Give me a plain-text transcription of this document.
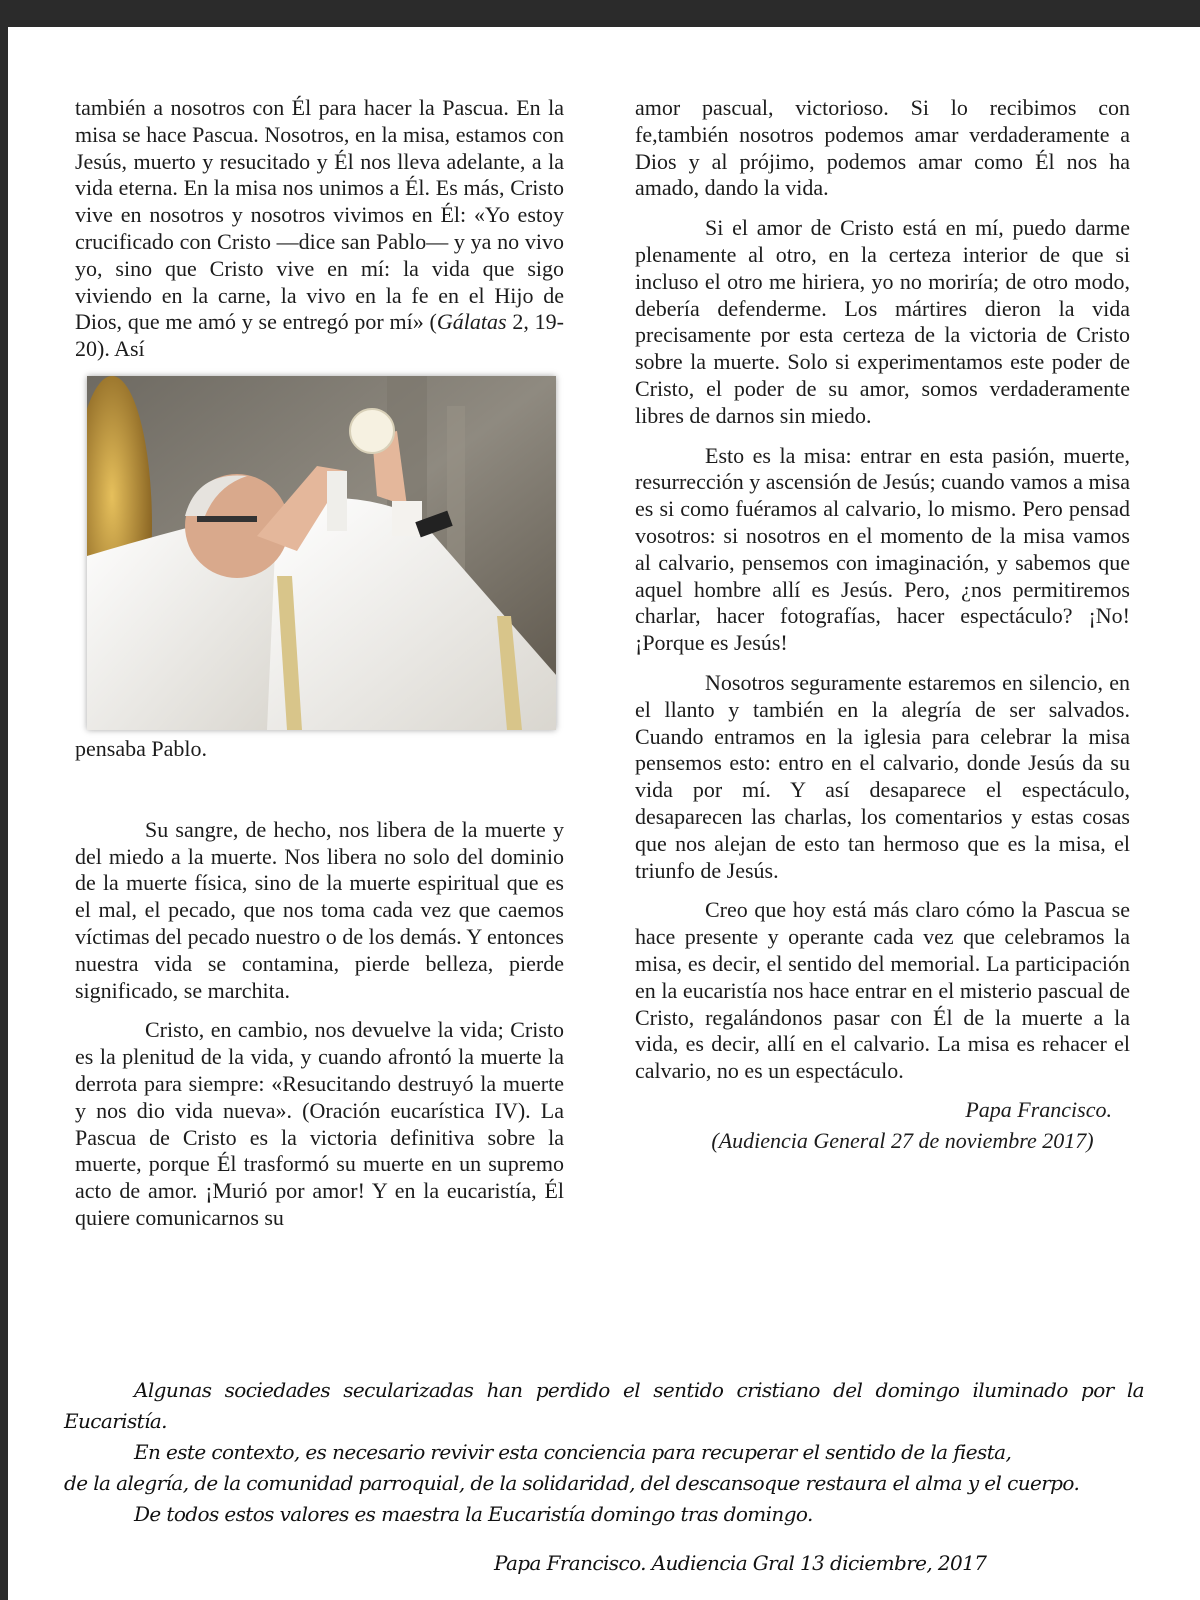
también a nosotros con Él para hacer la Pascua. En la misa se hace Pascua. Nosotros, en la misa, estamos con Jesús, muerto y resucitado y Él nos lleva adelante, a la vida eterna. En la misa nos unimos a Él. Es más, Cristo vive en nosotros y nosotros vivimos en Él: «Yo estoy crucificado con Cristo —dice san Pablo— y ya no vivo yo, sino que Cristo vive en mí: la vida que sigo viviendo en la carne, la vivo en la fe en el Hijo de Dios, que me amó y se entregó por mí» (Gálatas 2, 19-20). Así

pensaba Pablo.

Su sangre, de hecho, nos libera de la muerte y del miedo a la muerte. Nos libera no solo del dominio de la muerte física, sino de la muerte espiritual que es el mal, el pecado, que nos toma cada vez que caemos víctimas del pecado nuestro o de los demás. Y entonces nuestra vida se contamina, pierde belleza, pierde significado, se marchita.

Cristo, en cambio, nos devuelve la vida; Cristo es la plenitud de la vida, y cuando afrontó la muerte la derrota para siempre: «Resucitando destruyó la muerte y nos dio vida nueva». (Oración eucarística IV). La Pascua de Cristo es la victoria definitiva sobre la muerte, porque Él trasformó su muerte en un supremo acto de amor. ¡Murió por amor! Y en la eucaristía, Él quiere comunicarnos su

amor pascual, victorioso. Si lo recibimos con fe,también nosotros podemos amar verdaderamente a Dios y al prójimo, podemos amar como Él nos ha amado, dando la vida.

Si el amor de Cristo está en mí, puedo darme plenamente al otro, en la certeza interior de que si incluso el otro me hiriera, yo no moriría; de otro modo, debería defenderme. Los mártires dieron la vida precisamente por esta certeza de la victoria de Cristo sobre la muerte. Solo si experimentamos este poder de Cristo, el poder de su amor, somos verdaderamente libres de darnos sin miedo.

Esto es la misa: entrar en esta pasión, muerte, resurrección y ascensión de Jesús; cuando vamos a misa es si como fuéramos al calvario, lo mismo. Pero pensad vosotros: si nosotros en el momento de la misa vamos al calvario, pensemos con imaginación, y sabemos que aquel hombre allí es Jesús. Pero, ¿nos permitiremos charlar, hacer fotografías, hacer espectáculo? ¡No! ¡Porque es Jesús!

Nosotros seguramente estaremos en silencio, en el llanto y también en la alegría de ser salvados. Cuando entramos en la iglesia para celebrar la misa pensemos esto: entro en el calvario, donde Jesús da su vida por mí. Y así desaparece el espectáculo, desaparecen las charlas, los comentarios y estas cosas que nos alejan de esto tan hermoso que es la misa, el triunfo de Jesús.

Creo que hoy está más claro cómo la Pascua se hace presente y operante cada vez que celebramos la misa, es decir, el sentido del memorial. La participación en la eucaristía nos hace entrar en el misterio pascual de Cristo, regalándonos pasar con Él de la muerte a la vida, es decir, allí en el calvario. La misa es rehacer el calvario, no es un espectáculo.

Papa Francisco.

(Audiencia General 27 de noviembre 2017)

Algunas sociedades secularizadas han perdido el sentido cristiano del domingo iluminado por la Eucaristía.

En este contexto, es necesario revivir esta conciencia para recuperar el sentido de la fiesta,

de la alegría, de la comunidad parroquial, de la solidaridad, del descansoque restaura el alma y el cuerpo.

De todos estos valores es maestra la Eucaristía domingo tras domingo.

Papa Francisco. Audiencia Gral 13 diciembre, 2017
